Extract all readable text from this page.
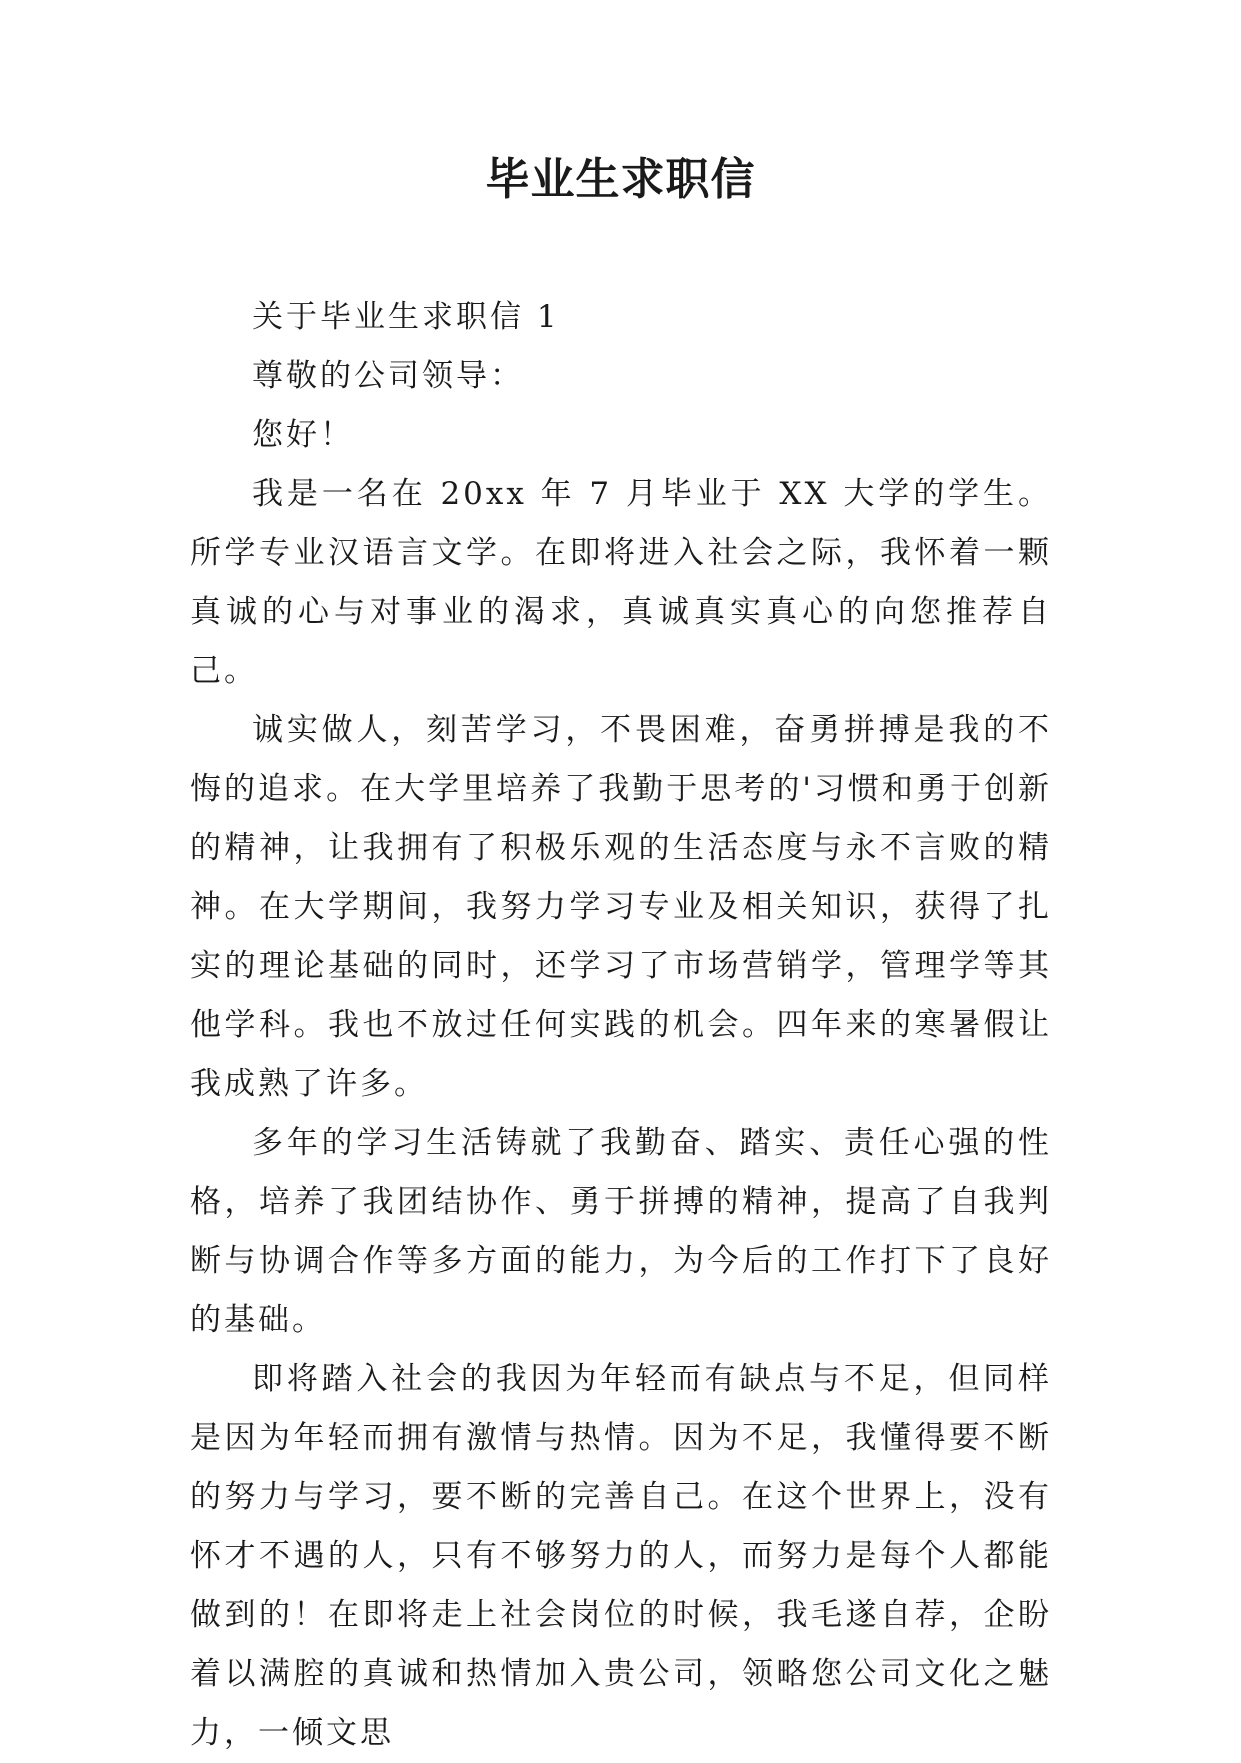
毕业生求职信

关于毕业生求职信 1

尊敬的公司领导：

您好！

我是一名在 20xx 年 7 月毕业于 XX 大学的学生。所学专业汉语言文学。在即将进入社会之际，我怀着一颗真诚的心与对事业的渴求，真诚真实真心的向您推荐自己。

诚实做人，刻苦学习，不畏困难，奋勇拼搏是我的不悔的追求。在大学里培养了我勤于思考的'习惯和勇于创新的精神，让我拥有了积极乐观的生活态度与永不言败的精神。在大学期间，我努力学习专业及相关知识，获得了扎实的理论基础的同时，还学习了市场营销学，管理学等其他学科。我也不放过任何实践的机会。四年来的寒暑假让我成熟了许多。

多年的学习生活铸就了我勤奋、踏实、责任心强的性格，培养了我团结协作、勇于拼搏的精神，提高了自我判断与协调合作等多方面的能力，为今后的工作打下了良好的基础。

即将踏入社会的我因为年轻而有缺点与不足，但同样是因为年轻而拥有激情与热情。因为不足，我懂得要不断的努力与学习，要不断的完善自己。在这个世界上，没有怀才不遇的人，只有不够努力的人，而努力是每个人都能做到的！在即将走上社会岗位的时候，我毛遂自荐，企盼着以满腔的真诚和热情加入贵公司，领略您公司文化之魅力，一倾文思
